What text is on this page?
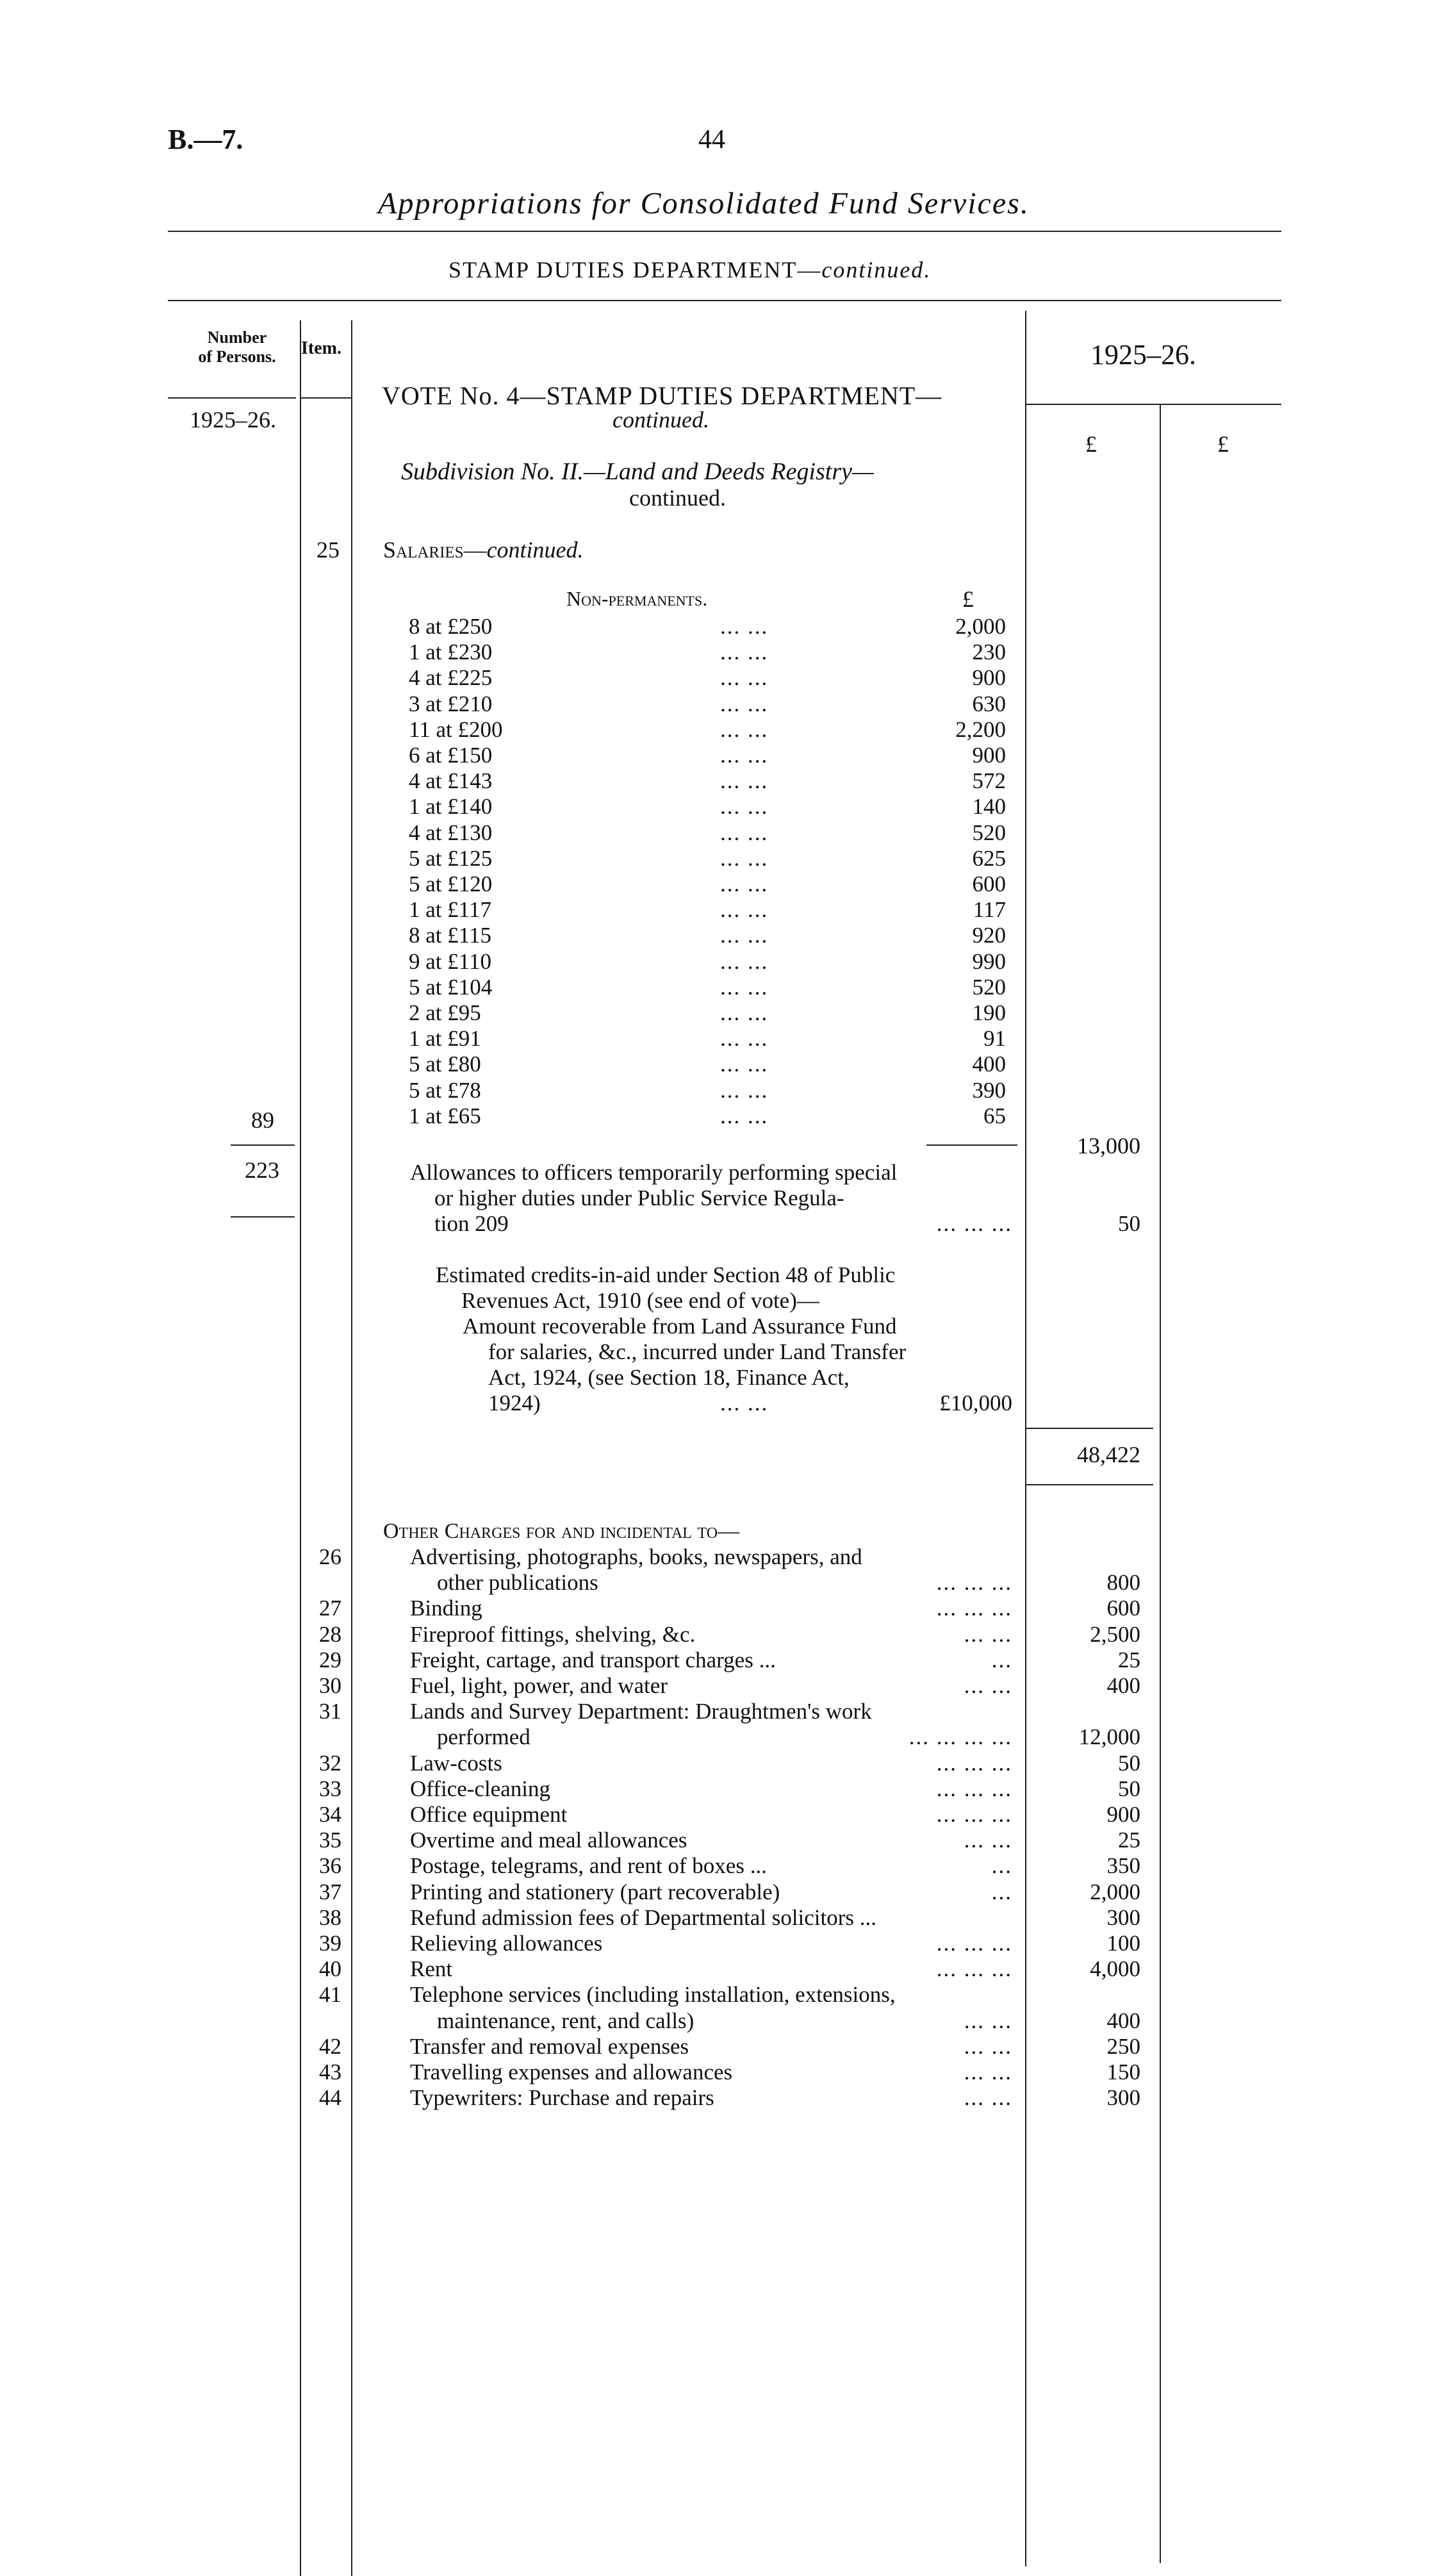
B.—7.	44
Appropriations for Consolidated Fund Services.
STAMP DUTIES DEPARTMENT—continued.
Number
of Persons.	Item.	1925–26.
1925–26.
£	£
VOTE No. 4—STAMP DUTIES DEPARTMENT—
continued.
Subdivision No. II.—Land and Deeds Registry—
continued.
25 Salaries—continued.
Non-permanents.	£
8 at £250	... ...	2,000
1 at £230	... ...	230
4 at £225	... ...	900
3 at £210	... ...	630
11 at £200	... ...	2,200
6 at £150	... ...	900
4 at £143	... ...	572
1 at £140	... ...	140
4 at £130	... ...	520
5 at £125	... ...	625
5 at £120	... ...	600
1 at £117	... ...	117
8 at £115	... ...	920
9 at £110	... ...	990
5 at £104	... ...	520
2 at £95	... ...	190
1 at £91	... ...	91
5 at £80	... ...	400
5 at £78	... ...	390
1 at £65	... ...	65
89
223
13,000
Allowances to officers temporarily performing special
or higher duties under Public Service Regula-
tion 209	... ... ...	50
Estimated credits-in-aid under Section 48 of Public
Revenues Act, 1910 (see end of vote)—
Amount recoverable from Land Assurance Fund
for salaries, &c., incurred under Land Transfer
Act, 1924, (see Section 18, Finance Act,
1924)	... ...	£10,000
48,422
Other Charges for and incidental to—
26	Advertising, photographs, books, newspapers, and
other publications	... ... ...	800
27	Binding	... ... ...	600
28	Fireproof fittings, shelving, &c.	... ...	2,500
29	Freight, cartage, and transport charges ...	...	25
30	Fuel, light, power, and water	... ...	400
31	Lands and Survey Department: Draughtmen's work
performed	... ... ... ...	12,000
32	Law-costs	... ... ...	50
33	Office-cleaning	... ... ...	50
34	Office equipment	... ... ...	900
35	Overtime and meal allowances	... ...	25
36	Postage, telegrams, and rent of boxes ...	...	350
37	Printing and stationery (part recoverable)	...	2,000
38	Refund admission fees of Departmental solicitors ...	300
39	Relieving allowances	... ... ...	100
40	Rent	... ... ...	4,000
41	Telephone services (including installation, extensions,
maintenance, rent, and calls)	... ...	400
42	Transfer and removal expenses	... ...	250
43	Travelling expenses and allowances	... ...	150
44	Typewriters: Purchase and repairs	... ...	300
